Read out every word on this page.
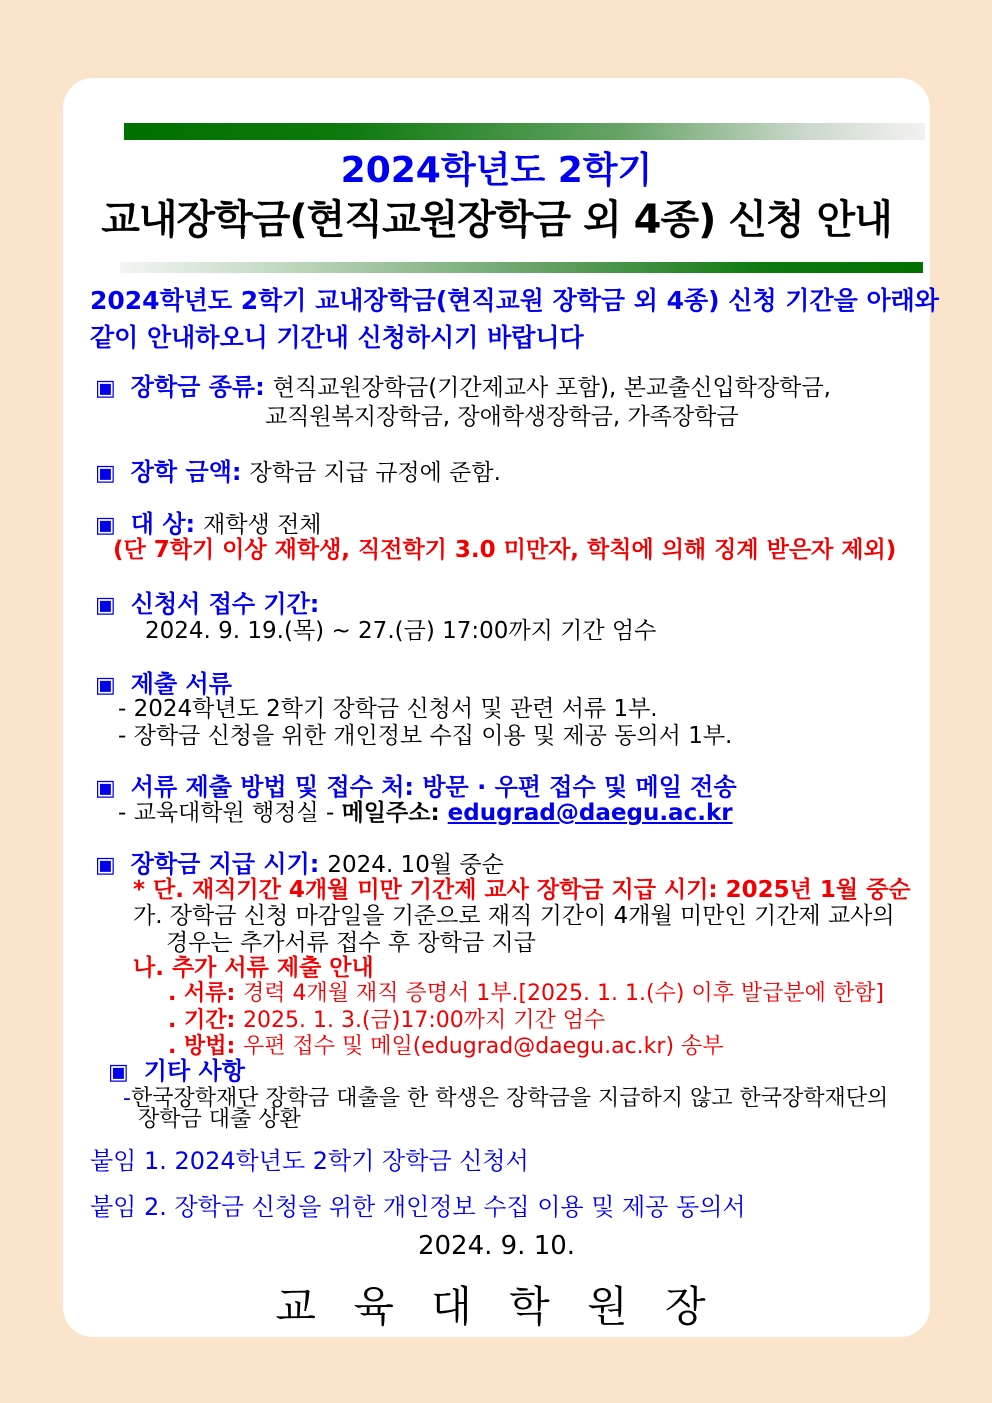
2024학년도 2학기
교내장학금(현직교원장학금 외 4종) 신청 안내
2024학년도 2학기 교내장학금(현직교원 장학금 외 4종) 신청 기간을 아래와
같이 안내하오니 기간내 신청하시기 바랍니다
▣ 장학금 종류: 현직교원장학금(기간제교사 포함), 본교출신입학장학금,
교직원복지장학금, 장애학생장학금, 가족장학금
▣ 장학 금액: 장학금 지급 규정에 준함.
▣ 대 상: 재학생 전체
(단 7학기 이상 재학생, 직전학기 3.0 미만자, 학칙에 의해 징계 받은자 제외)
▣ 신청서 접수 기간:
2024. 9. 19.(목) ~ 27.(금) 17:00까지 기간 엄수
▣ 제출 서류
- 2024학년도 2학기 장학금 신청서 및 관련 서류 1부.
- 장학금 신청을 위한 개인정보 수집 이용 및 제공 동의서 1부.
▣ 서류 제출 방법 및 접수 처: 방문 · 우편 접수 및 메일 전송
- 교육대학원 행정실 - 메일주소: edugrad@daegu.ac.kr
▣ 장학금 지급 시기: 2024. 10월 중순
* 단. 재직기간 4개월 미만 기간제 교사 장학금 지급 시기: 2025년 1월 중순
가. 장학금 신청 마감일을 기준으로 재직 기간이 4개월 미만인 기간제 교사의
경우는 추가서류 접수 후 장학금 지급
나. 추가 서류 제출 안내
. 서류: 경력 4개월 재직 증명서 1부.[2025. 1. 1.(수) 이후 발급분에 한함]
. 기간: 2025. 1. 3.(금)17:00까지 기간 엄수
. 방법: 우편 접수 및 메일(edugrad@daegu.ac.kr) 송부
▣ 기타 사항
-한국장학재단 장학금 대출을 한 학생은 장학금을 지급하지 않고 한국장학재단의
장학금 대출 상환
붙임 1. 2024학년도 2학기 장학금 신청서
붙임 2. 장학금 신청을 위한 개인정보 수집 이용 및 제공 동의서
2024. 9. 10.
교 육 대 학 원 장
